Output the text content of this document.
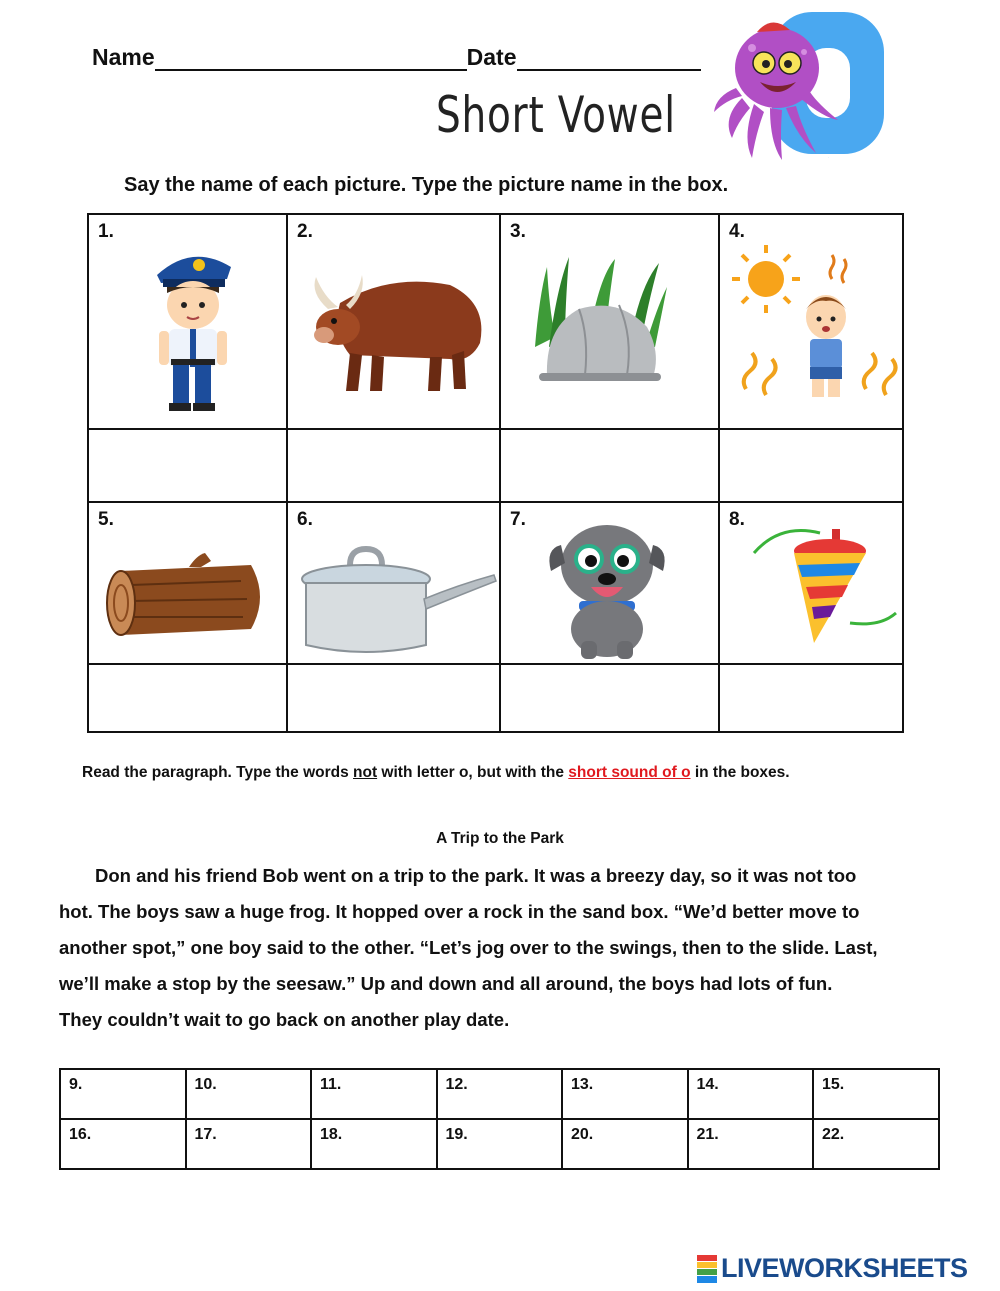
Name	Date
Short Vowel
o
Say the name of each picture. Type the picture name in the box.
1.	2.	3.	4.

5.	6.	7.	8.

Read the paragraph. Type the words not with letter o, but with the short sound of o in the boxes.
A Trip to the Park
Don and his friend Bob went on a trip to the park. It was a breezy day, so it was not too
hot. The boys saw a huge frog. It hopped over a rock in the sand box. “We’d better move to
another spot,” one boy said to the other. “Let’s jog over to the swings, then to the slide. Last,
we’ll make a stop by the seesaw.” Up and down and all around, the boys had lots of fun.
They couldn’t wait to go back on another play date.
9.	10.	11.	12.	13.	14.	15.

16.	17.	18.	19.	20.	21.	22.
LIVEWORKSHEETS
